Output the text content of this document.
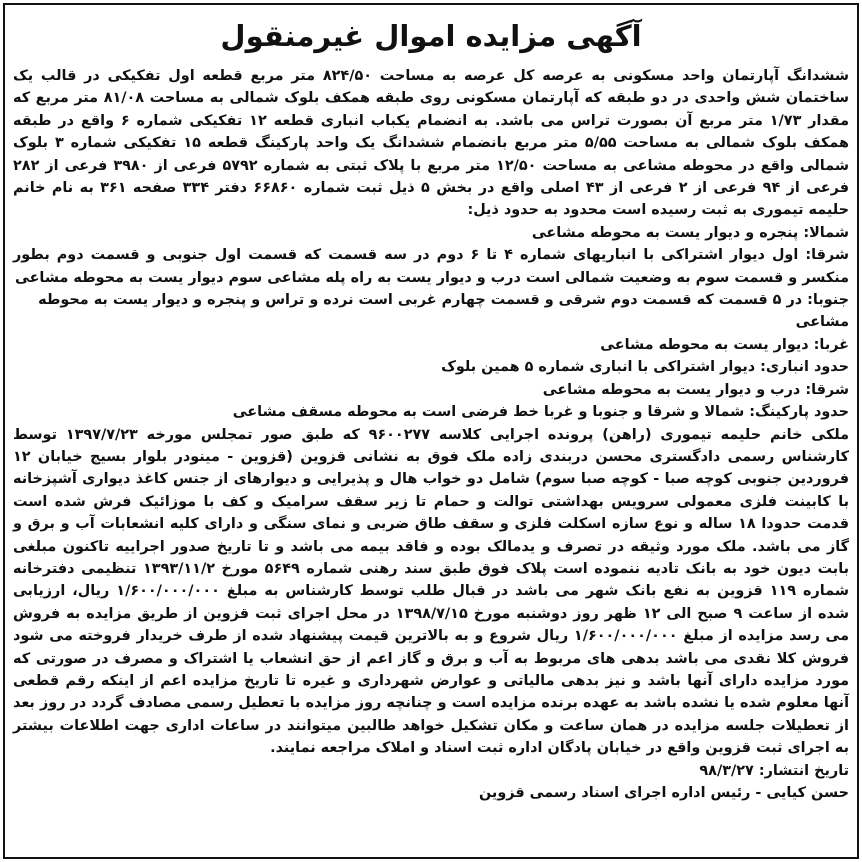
آگهی مزایده اموال غیرمنقول

ششدانگ آپارتمان واحد مسکونی به عرصه کل عرصه به مساحت ۸۲۴/۵۰ متر مربع قطعه اول تفکیکی در قالب یک ساختمان شش واحدی در دو طبقه که آپارتمان مسکونی روی طبقه همکف بلوک شمالی به مساحت ۸۱/۰۸ متر مربع که مقدار ۱/۷۳ متر مربع آن بصورت تراس می باشد. به انضمام یکباب انباری قطعه ۱۲ تفکیکی شماره ۶ واقع در طبقه همکف بلوک شمالی به مساحت ۵/۵۵ متر مربع بانضمام ششدانگ یک واحد پارکینگ قطعه ۱۵ تفکیکی شماره ۳ بلوک شمالی واقع در محوطه مشاعی به مساحت ۱۲/۵۰ متر مربع با پلاک ثبتی به شماره ۵۷۹۲ فرعی از ۳۹۸۰ فرعی از ۲۸۲ فرعی از ۹۴ فرعی از ۲ فرعی از ۴۳ اصلی واقع در بخش ۵ ذیل ثبت شماره ۶۶۸۶۰ دفتر ۳۳۴ صفحه ۳۶۱ به نام خانم حلیمه تیموری به ثبت رسیده است محدود به حدود ذیل:

شمالا: پنجره و دیوار یست به محوطه مشاعی

شرقا: اول دیوار اشتراکی با انباریهای شماره ۴ تا ۶ دوم در سه قسمت که قسمت اول جنوبی و قسمت دوم بطور منکسر و قسمت سوم به وضعیت شمالی است درب و دیوار یست به راه پله مشاعی سوم دیوار یست به محوطه مشاعی

جنوبا: در ۵ قسمت که قسمت دوم شرقی و قسمت چهارم غربی است نرده و تراس و پنجره و دیوار یست به محوطه مشاعی

غربا: دیوار یست به محوطه مشاعی

حدود انباری: دیوار اشتراکی با انباری شماره ۵ همین بلوک

شرقا: درب و دیوار یست به محوطه مشاعی

حدود پارکینگ: شمالا و شرقا و جنوبا و غربا خط فرضی است به محوطه مسقف مشاعی

ملکی خانم حلیمه تیموری (راهن) پرونده اجرایی کلاسه ۹۶۰۰۲۷۷ که طبق صور تمجلس مورخه ۱۳۹۷/۷/۲۳ توسط کارشناس رسمی دادگستری محسن دربندی زاده ملک فوق به نشانی قزوین (قزوین - مینودر بلوار بسیج خیابان ۱۲ فروردین جنوبی کوچه صبا - کوچه صبا سوم) شامل دو خواب هال و پذیرایی و دیوارهای از جنس کاغذ دیواری آشپزخانه با کابینت فلزی معمولی سرویس بهداشتی توالت و حمام تا زیر سقف سرامیک و کف با موزائیک فرش شده است قدمت حدودا ۱۸ ساله و نوع سازه اسکلت فلزی و سقف طاق ضربی و نمای سنگی و دارای کلیه انشعابات آب و برق و گاز می باشد. ملک مورد وثیقه در تصرف و یدمالک بوده و فاقد بیمه می باشد و تا تاریخ صدور اجراییه تاکنون مبلغی بابت دیون خود به بانک تادیه ننموده است پلاک فوق طبق سند رهنی شماره ۵۶۴۹ مورخ ۱۳۹۳/۱۱/۲ تنظیمی دفترخانه شماره ۱۱۹ قزوین به نفع بانک شهر می باشد در قبال طلب توسط کارشناس به مبلغ ۱/۶۰۰/۰۰۰/۰۰۰ ریال، ارزیابی شده از ساعت ۹ صبح الی ۱۲ ظهر روز دوشنبه مورخ ۱۳۹۸/۷/۱۵ در محل اجرای ثبت قزوین از طریق مزایده به فروش می رسد مزایده از مبلغ ۱/۶۰۰/۰۰۰/۰۰۰ ریال شروع و به بالاترین قیمت پیشنهاد شده از طرف خریدار فروخته می شود فروش کلا نقدی می باشد بدهی های مربوط به آب و برق و گاز اعم از حق انشعاب یا اشتراک و مصرف در صورتی که مورد مزایده دارای آنها باشد و نیز بدهی مالیاتی و عوارض شهرداری و غیره تا تاریخ مزایده اعم از اینکه رقم قطعی آنها معلوم شده یا نشده باشد به عهده برنده مزایده است و چنانچه روز مزایده با تعطیل رسمی مصادف گردد در روز بعد از تعطیلات جلسه مزایده در همان ساعت و مکان تشکیل خواهد طالبین میتوانند در ساعات اداری جهت اطلاعات بیشتر به اجرای ثبت قزوین واقع در خیابان پادگان اداره ثبت اسناد و املاک مراجعه نمایند.

تاریخ انتشار: ۹۸/۳/۲۷

حسن کیایی - رئیس اداره اجرای اسناد رسمی قزوین
